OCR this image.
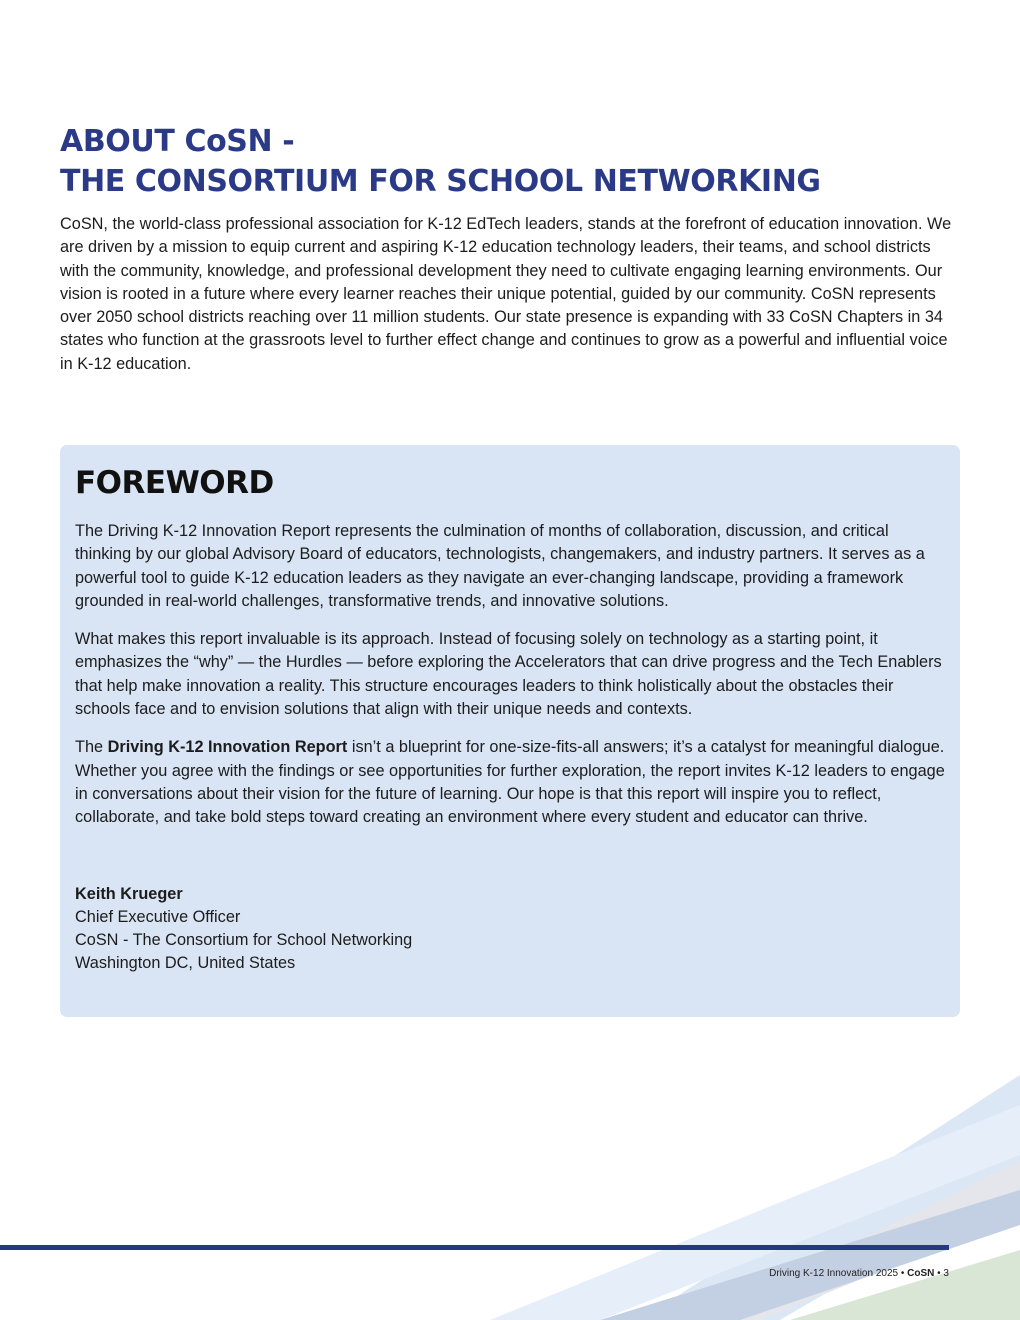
ABOUT CoSN -
THE CONSORTIUM FOR SCHOOL NETWORKING

CoSN, the world-class professional association for K-12 EdTech leaders, stands at the forefront of education innovation. We are driven by a mission to equip current and aspiring K-12 education technology leaders, their teams, and school districts with the community, knowledge, and professional development they need to cultivate engaging learning environments. Our vision is rooted in a future where every learner reaches their unique potential, guided by our community. CoSN represents over 2050 school districts reaching over 11 million students. Our state presence is expanding with 33 CoSN Chapters in 34 states who function at the grassroots level to further effect change and continues to grow as a powerful and influential voice in K-12 education.

FOREWORD

The Driving K-12 Innovation Report represents the culmination of months of collaboration, discussion, and critical thinking by our global Advisory Board of educators, technologists, changemakers, and industry partners. It serves as a powerful tool to guide K-12 education leaders as they navigate an ever-changing landscape, providing a framework grounded in real-world challenges, transformative trends, and innovative solutions.

What makes this report invaluable is its approach. Instead of focusing solely on technology as a starting point, it emphasizes the “why” — the Hurdles — before exploring the Accelerators that can drive progress and the Tech Enablers that help make innovation a reality. This structure encourages leaders to think holistically about the obstacles their schools face and to envision solutions that align with their unique needs and contexts.

The Driving K-12 Innovation Report isn’t a blueprint for one-size-fits-all answers; it’s a catalyst for meaningful dialogue. Whether you agree with the findings or see opportunities for further exploration, the report invites K-12 leaders to engage in conversations about their vision for the future of learning. Our hope is that this report will inspire you to reflect, collaborate, and take bold steps toward creating an environment where every student and educator can thrive.

Keith Krueger
Chief Executive Officer
CoSN - The Consortium for School Networking
Washington DC, United States
Driving K-12 Innovation 2025 • CoSN • 3
